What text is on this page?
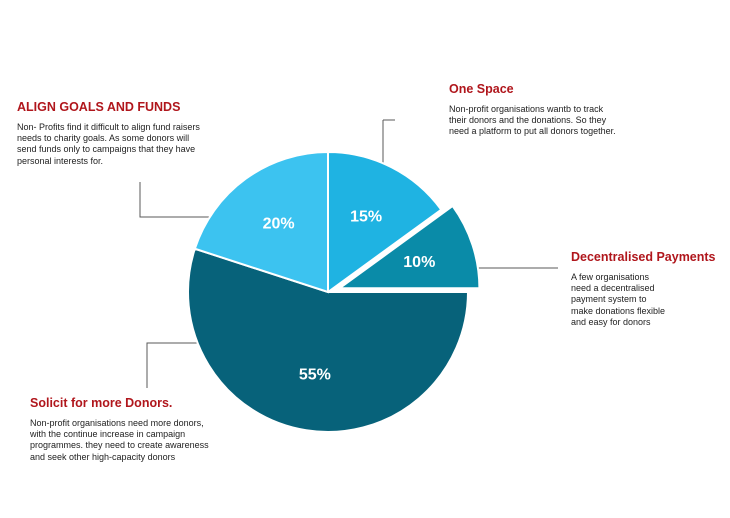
15%
10%
55%
20%
One Space

Non-profit organisations wantb to track their donors and the donations. So they need a platform to put all donors together.

Decentralised Payments

A few organisations need a decentralised payment system to make donations flexible and easy for donors

Solicit for more Donors.

Non-profit organisations need more donors, with the continue increase in campaign programmes. they need to create awareness and seek other high-capacity donors

ALIGN GOALS AND FUNDS

Non- Profits find it difficult to align fund raisers needs to charity goals. As some donors will send funds only to campaigns that they have personal interests for.
